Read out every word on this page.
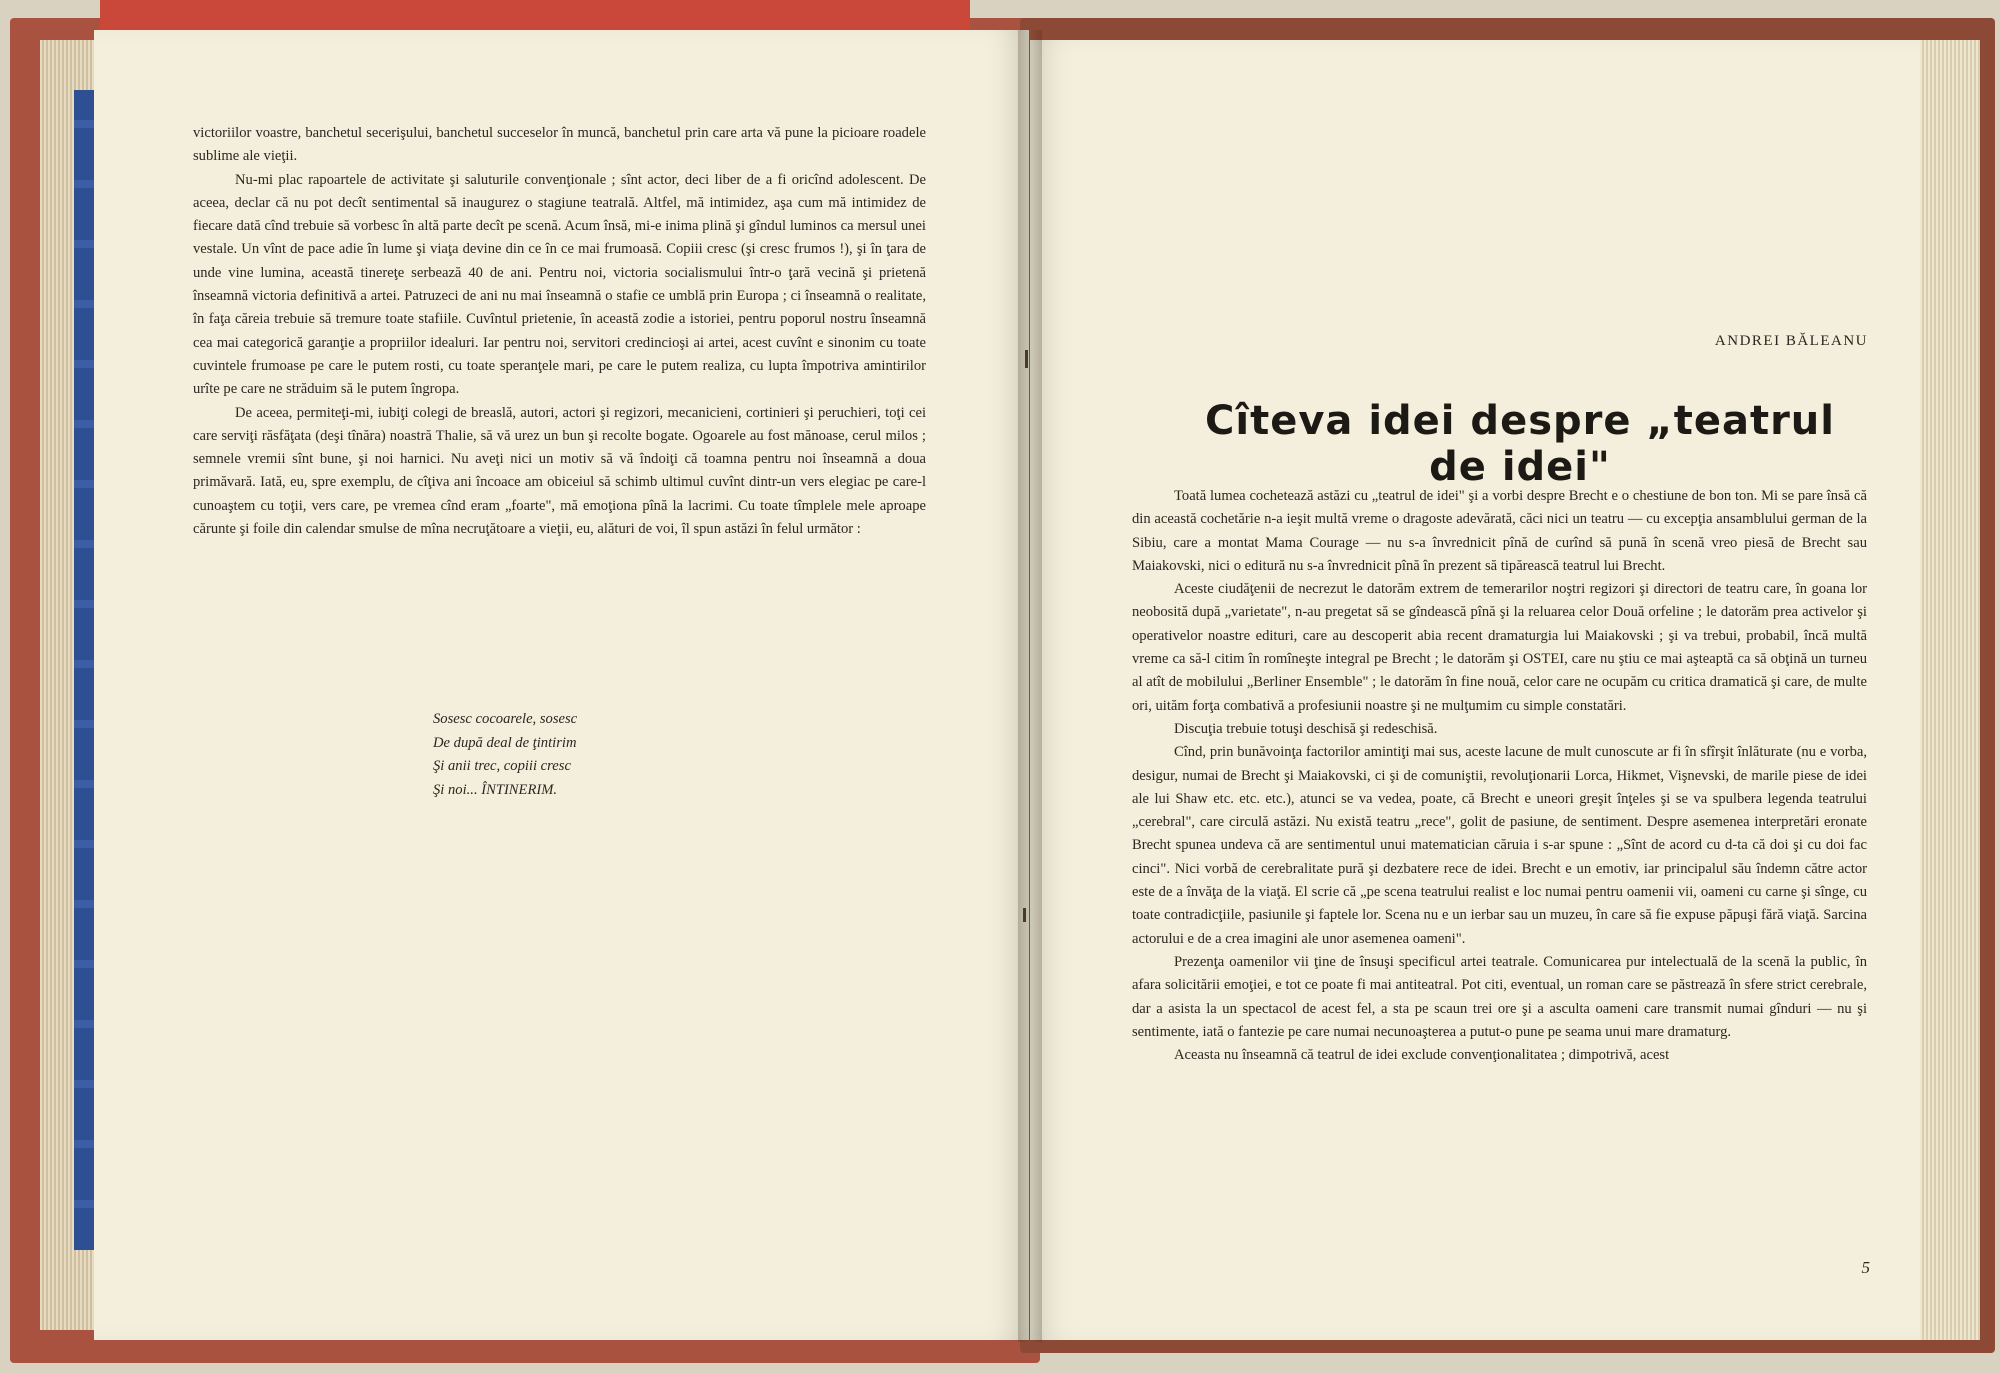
victoriilor voastre, banchetul secerişului, banchetul succeselor în muncă, banchetul prin care arta vă pune la picioare roadele sublime ale vieţii.

Nu-mi plac rapoartele de activitate şi saluturile convenţionale ; sînt actor, deci liber de a fi oricînd adolescent. De aceea, declar că nu pot decît sentimental să inaugurez o stagiune teatrală. Altfel, mă intimidez, aşa cum mă intimidez de fiecare dată cînd trebuie să vorbesc în altă parte decît pe scenă. Acum însă, mi-e inima plină şi gîndul luminos ca mersul unei vestale. Un vînt de pace adie în lume şi viaţa devine din ce în ce mai frumoasă. Copiii cresc (şi cresc frumos !), şi în ţara de unde vine lumina, această tinereţe serbează 40 de ani. Pentru noi, victoria socialismului într-o ţară vecină şi prietenă înseamnă victoria definitivă a artei. Patruzeci de ani nu mai înseamnă o stafie ce umblă prin Europa ; ci înseamnă o realitate, în faţa căreia trebuie să tremure toate stafiile. Cuvîntul prietenie, în această zodie a istoriei, pentru poporul nostru înseamnă cea mai categorică garanţie a propriilor idealuri. Iar pentru noi, servitori credincioşi ai artei, acest cuvînt e sinonim cu toate cuvintele frumoase pe care le putem rosti, cu toate speranţele mari, pe care le putem realiza, cu lupta împotriva amintirilor urîte pe care ne străduim să le putem îngropa.

De aceea, permiteţi-mi, iubiţi colegi de breaslă, autori, actori şi regizori, mecanicieni, cortinieri şi peruchieri, toţi cei care serviţi răsfăţata (deşi tînăra) noastră Thalie, să vă urez un bun şi recolte bogate. Ogoarele au fost mănoase, cerul milos ; semnele vremii sînt bune, şi noi harnici. Nu aveţi nici un motiv să vă îndoiţi că toamna pentru noi înseamnă a doua primăvară. Iată, eu, spre exemplu, de cîţiva ani încoace am obiceiul să schimb ultimul cuvînt dintr-un vers elegiac pe care-l cunoaştem cu toţii, vers care, pe vremea cînd eram „foarte", mă emoţiona pînă la lacrimi. Cu toate tîmplele mele aproape cărunte şi foile din calendar smulse de mîna necruţătoare a vieţii, eu, alături de voi, îl spun astăzi în felul următor :

Sosesc cocoarele, sosesc
De după deal de ţintirim
Şi anii trec, copiii cresc
Şi noi... ÎNTINERIM.
ANDREI BĂLEANU
Cîteva idei despre „teatrul de idei"

Toată lumea cochetează astăzi cu „teatrul de idei" şi a vorbi despre Brecht e o chestiune de bon ton. Mi se pare însă că din această cochetărie n-a ieşit multă vreme o dragoste adevărată, căci nici un teatru — cu excepţia ansamblului german de la Sibiu, care a montat Mama Courage — nu s-a învrednicit pînă de curînd să pună în scenă vreo piesă de Brecht sau Maiakovski, nici o editură nu s-a învrednicit pînă în prezent să tipărească teatrul lui Brecht.

Aceste ciudăţenii de necrezut le datorăm extrem de temerarilor noştri regizori şi directori de teatru care, în goana lor neobosită după „varietate", n-au pregetat să se gîndească pînă şi la reluarea celor Două orfeline ; le datorăm prea activelor şi operativelor noastre edituri, care au descoperit abia recent dramaturgia lui Maiakovski ; şi va trebui, probabil, încă multă vreme ca să-l citim în romîneşte integral pe Brecht ; le datorăm şi OSTEI, care nu ştiu ce mai aşteaptă ca să obţină un turneu al atît de mobilului „Berliner Ensemble" ; le datorăm în fine nouă, celor care ne ocupăm cu critica dramatică şi care, de multe ori, uităm forţa combativă a profesiunii noastre şi ne mulţumim cu simple constatări.

Discuţia trebuie totuşi deschisă şi redeschisă.

Cînd, prin bunăvoinţa factorilor amintiţi mai sus, aceste lacune de mult cunoscute ar fi în sfîrşit înlăturate (nu e vorba, desigur, numai de Brecht şi Maiakovski, ci şi de comuniştii, revoluţionarii Lorca, Hikmet, Vişnevski, de marile piese de idei ale lui Shaw etc. etc. etc.), atunci se va vedea, poate, că Brecht e uneori greşit înţeles şi se va spulbera legenda teatrului „cerebral", care circulă astăzi. Nu există teatru „rece", golit de pasiune, de sentiment. Despre asemenea interpretări eronate Brecht spunea undeva că are sentimentul unui matematician căruia i s-ar spune : „Sînt de acord cu d-ta că doi şi cu doi fac cinci". Nici vorbă de cerebralitate pură şi dezbatere rece de idei. Brecht e un emotiv, iar principalul său îndemn către actor este de a învăţa de la viaţă. El scrie că „pe scena teatrului realist e loc numai pentru oamenii vii, oameni cu carne şi sînge, cu toate contradicţiile, pasiunile şi faptele lor. Scena nu e un ierbar sau un muzeu, în care să fie expuse păpuşi fără viaţă. Sarcina actorului e de a crea imagini ale unor asemenea oameni".

Prezenţa oamenilor vii ţine de însuşi specificul artei teatrale. Comunicarea pur intelectuală de la scenă la public, în afara solicitării emoţiei, e tot ce poate fi mai antiteatral. Pot citi, eventual, un roman care se păstrează în sfere strict cerebrale, dar a asista la un spectacol de acest fel, a sta pe scaun trei ore şi a asculta oameni care transmit numai gînduri — nu şi sentimente, iată o fantezie pe care numai necunoaşterea a putut-o pune pe seama unui mare dramaturg.

Aceasta nu înseamnă că teatrul de idei exclude convenţionalitatea ; dimpotrivă, acest

5
